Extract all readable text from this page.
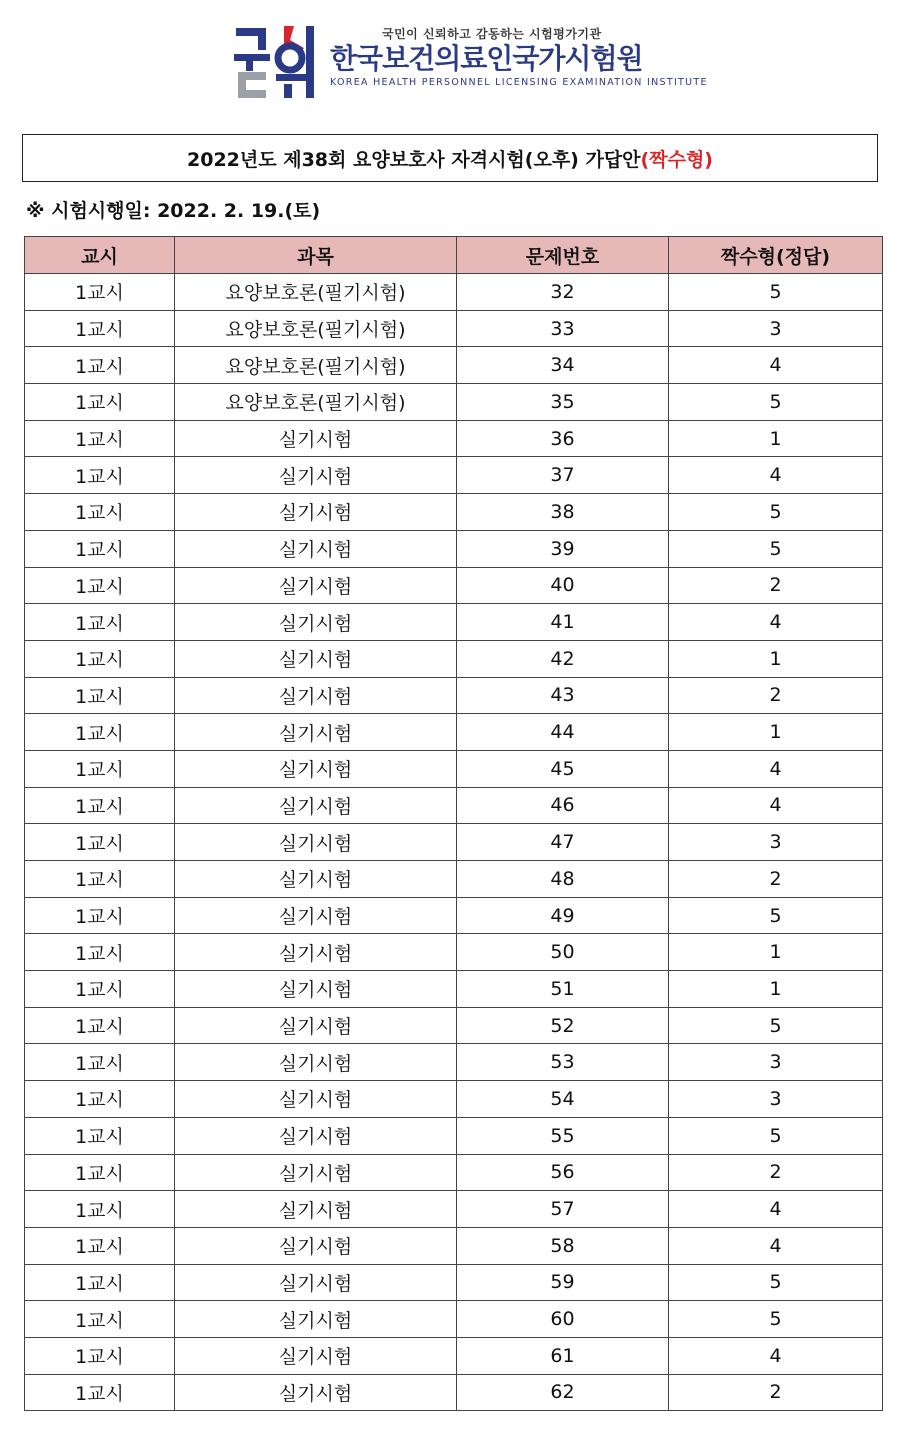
국민이 신뢰하고 감동하는 시험평가기관
한국보건의료인국가시험원
KOREA HEALTH PERSONNEL LICENSING EXAMINATION INSTITUTE
2022년도 제38회 요양보호사 자격시험(오후) 가답안 (짝수형)
※ 시험시행일: 2022. 2. 19.(토)
교시	과목	문제번호	짝수형(정답)
1교시	요양보호론(필기시험)	32	5
1교시	요양보호론(필기시험)	33	3
1교시	요양보호론(필기시험)	34	4
1교시	요양보호론(필기시험)	35	5
1교시	실기시험	36	1
1교시	실기시험	37	4
1교시	실기시험	38	5
1교시	실기시험	39	5
1교시	실기시험	40	2
1교시	실기시험	41	4
1교시	실기시험	42	1
1교시	실기시험	43	2
1교시	실기시험	44	1
1교시	실기시험	45	4
1교시	실기시험	46	4
1교시	실기시험	47	3
1교시	실기시험	48	2
1교시	실기시험	49	5
1교시	실기시험	50	1
1교시	실기시험	51	1
1교시	실기시험	52	5
1교시	실기시험	53	3
1교시	실기시험	54	3
1교시	실기시험	55	5
1교시	실기시험	56	2
1교시	실기시험	57	4
1교시	실기시험	58	4
1교시	실기시험	59	5
1교시	실기시험	60	5
1교시	실기시험	61	4
1교시	실기시험	62	2
